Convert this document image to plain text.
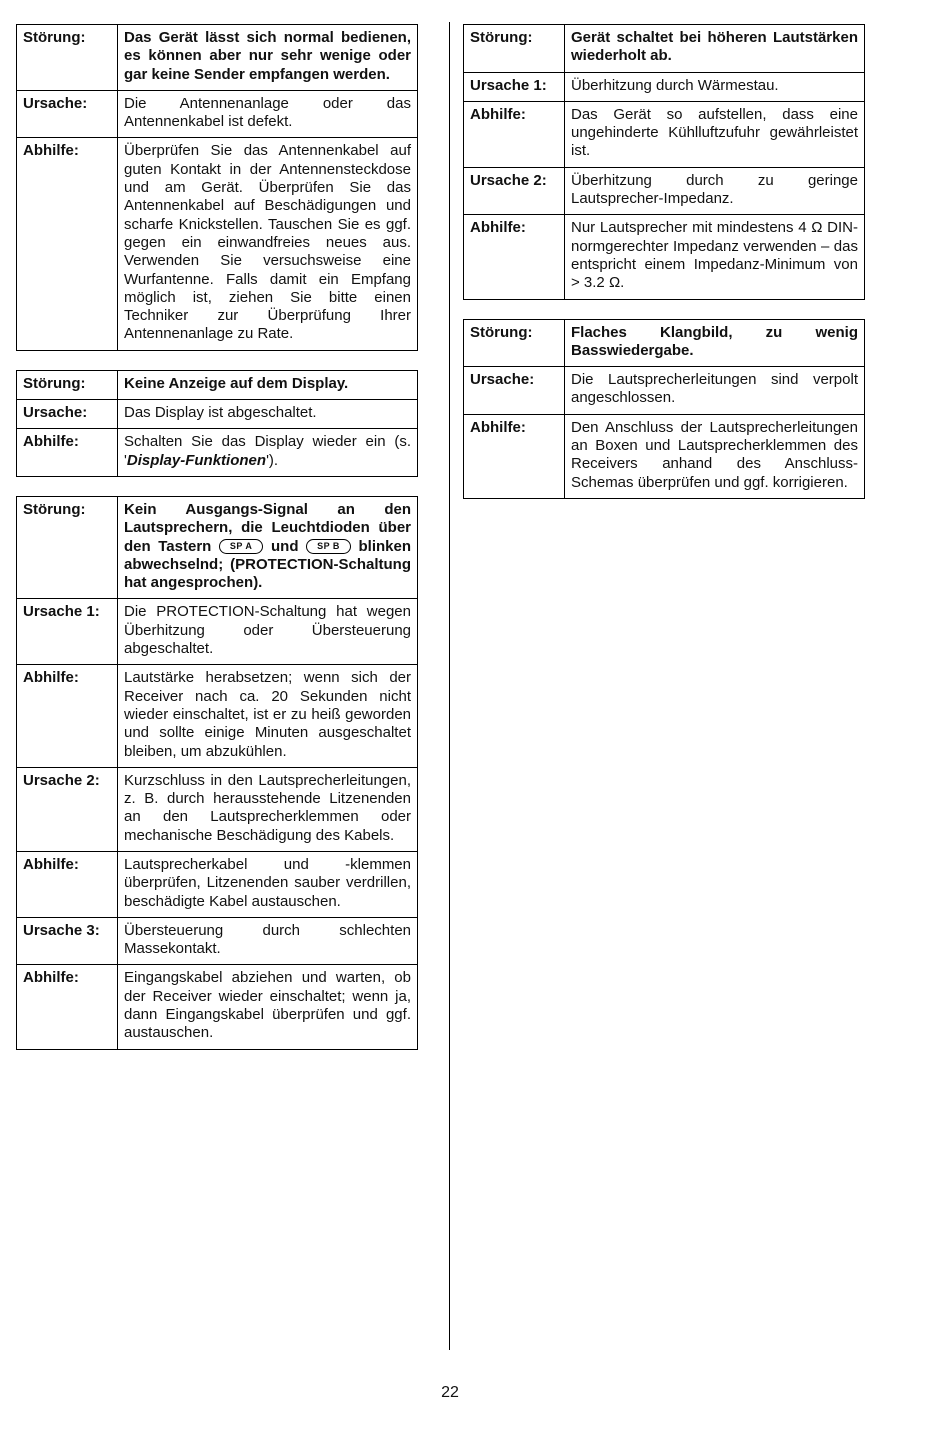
Störung:	Das Gerät lässt sich normal bedienen, es können aber nur sehr wenige oder gar keine Sender empfangen werden.
Ursache:	Die Antennenanlage oder das Antennenkabel ist defekt.
Abhilfe:	Überprüfen Sie das Antennenkabel auf guten Kontakt in der Antennensteckdose und am Gerät. Überprüfen Sie das Antennenkabel auf Beschädigungen und scharfe Knickstellen. Tauschen Sie es ggf. gegen ein einwandfreies neues aus. Verwenden Sie versuchsweise eine Wurfantenne. Falls damit ein Empfang möglich ist, ziehen Sie bitte einen Techniker zur Überprüfung Ihrer Antennenanlage zu Rate.
Störung:	Keine Anzeige auf dem Display.
Ursache:	Das Display ist abgeschaltet.
Abhilfe:	Schalten Sie das Display wieder ein (s. 'Display-Funktionen').
Störung:	Kein Ausgangs-Signal an den Lautsprechern, die Leuchtdioden über den Tastern SP A und SP B blinken abwechselnd; (PROTECTION-Schaltung hat angesprochen).
Ursache 1:	Die PROTECTION-Schaltung hat wegen Überhitzung oder Übersteuerung abgeschaltet.
Abhilfe:	Lautstärke herabsetzen; wenn sich der Receiver nach ca. 20 Sekunden nicht wieder einschaltet, ist er zu heiß geworden und sollte einige Minuten ausgeschaltet bleiben, um abzukühlen.
Ursache 2:	Kurzschluss in den Lautsprecherleitungen, z. B. durch herausstehende Litzenenden an den Lautsprecherklemmen oder mechanische Beschädigung des Kabels.
Abhilfe:	Lautsprecherkabel und -klemmen überprüfen, Litzenenden sauber verdrillen, beschädigte Kabel austauschen.
Ursache 3:	Übersteuerung durch schlechten Massekontakt.
Abhilfe:	Eingangskabel abziehen und warten, ob der Receiver wieder einschaltet; wenn ja, dann Eingangskabel überprüfen und ggf. austauschen.
Störung:	Gerät schaltet bei höheren Lautstärken wiederholt ab.
Ursache 1:	Überhitzung durch Wärmestau.
Abhilfe:	Das Gerät so aufstellen, dass eine ungehinderte Kühlluftzufuhr gewährleistet ist.
Ursache 2:	Überhitzung durch zu geringe Lautsprecher-Impedanz.
Abhilfe:	Nur Lautsprecher mit mindestens 4 Ω DIN-normgerechter Impedanz verwenden – das entspricht einem Impedanz-Minimum von > 3.2 Ω.
Störung:	Flaches Klangbild, zu wenig Basswiedergabe.
Ursache:	Die Lautsprecherleitungen sind verpolt angeschlossen.
Abhilfe:	Den Anschluss der Lautsprecherleitungen an Boxen und Lautsprecherklemmen des Receivers anhand des Anschluss-Schemas überprüfen und ggf. korrigieren.
22
